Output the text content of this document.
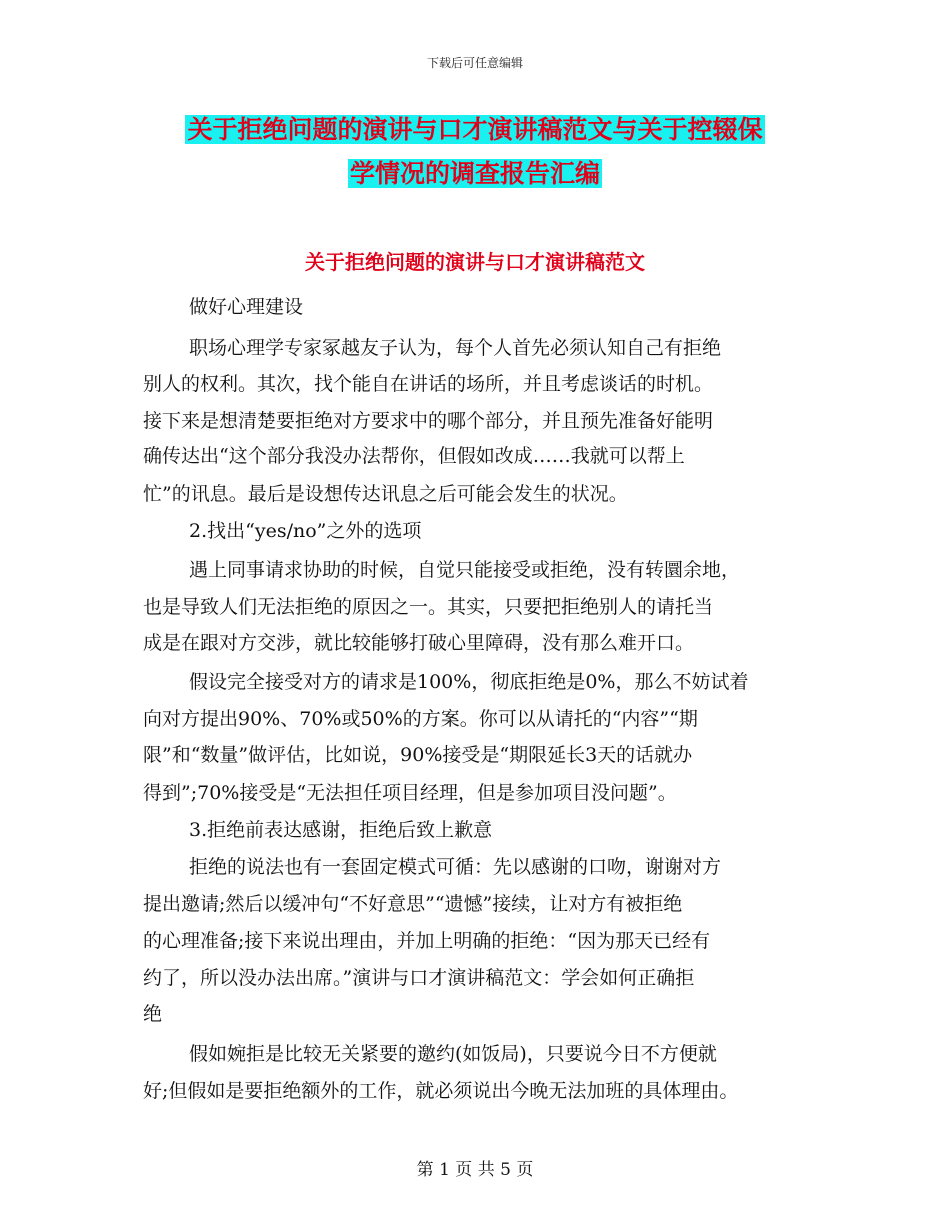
下载后可任意编辑
关于拒绝问题的演讲与口才演讲稿范文与关于控辍保
学情况的调查报告汇编
关于拒绝问题的演讲与口才演讲稿范文
做好心理建设
职场心理学专家冢越友子认为，每个人首先必须认知自己有拒绝
别人的权利。其次，找个能自在讲话的场所，并且考虑谈话的时机。
接下来是想清楚要拒绝对方要求中的哪个部分，并且预先准备好能明
确传达出“这个部分我没办法帮你，但假如改成……我就可以帮上
忙”的讯息。最后是设想传达讯息之后可能会发生的状况。
2.找出“yes/no”之外的选项
遇上同事请求协助的时候，自觉只能接受或拒绝，没有转圜余地，
也是导致人们无法拒绝的原因之一。其实，只要把拒绝别人的请托当
成是在跟对方交涉，就比较能够打破心里障碍，没有那么难开口。
假设完全接受对方的请求是100%，彻底拒绝是0%，那么不妨试着
向对方提出90%、70%或50%的方案。你可以从请托的“内容”“期
限”和“数量”做评估，比如说，90%接受是“期限延长3天的话就办
得到”;70%接受是“无法担任项目经理，但是参加项目没问题”。
3.拒绝前表达感谢，拒绝后致上歉意
拒绝的说法也有一套固定模式可循：先以感谢的口吻，谢谢对方
提出邀请;然后以缓冲句“不好意思”“遗憾”接续，让对方有被拒绝
的心理准备;接下来说出理由，并加上明确的拒绝：“因为那天已经有
约了，所以没办法出席。”演讲与口才演讲稿范文：学会如何正确拒
绝
假如婉拒是比较无关紧要的邀约(如饭局)，只要说今日不方便就
好;但假如是要拒绝额外的工作，就必须说出今晚无法加班的具体理由。
第 1 页 共 5 页
